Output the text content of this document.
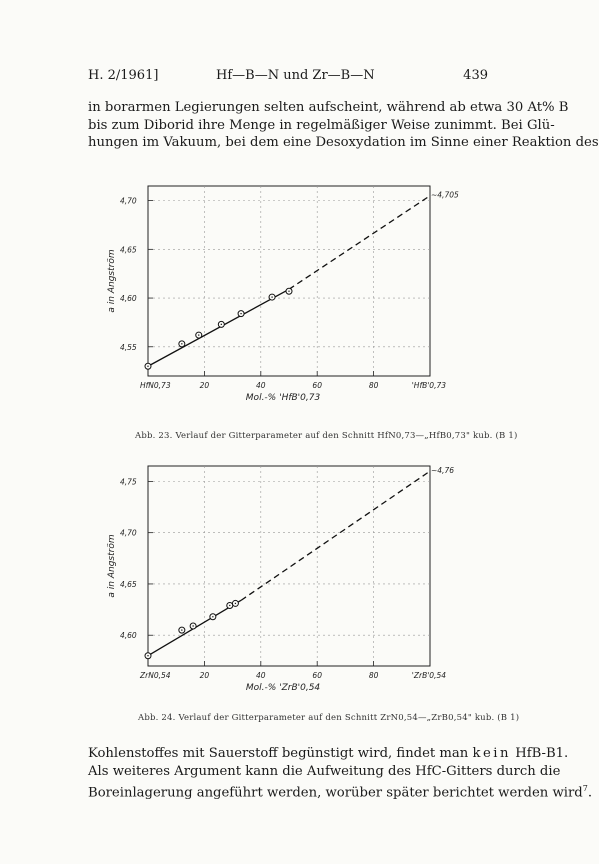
H. 2/1961]	Hf—B—N und Zr—B—N	439
in borarmen Legierungen selten aufscheint, während ab etwa 30 At% B
bis zum Diborid ihre Menge in regelmäßiger Weise zunimmt. Bei Glü-
hungen im Vakuum, bei dem eine Desoxydation im Sinne einer Reaktion des
4,55
4,60
4,65
4,70
HfN0,73	20	40	60	80	'HfB'0,73
Mol.-% 'HfB'0,73
a in Angström
~4,705
Abb. 23. Verlauf der Gitterparameter auf den Schnitt HfN0,73—„HfB0,73" kub. (B 1)
4,60
4,65
4,70
4,75
ZrN0,54	20	40	60	80	'ZrB'0,54
Mol.-% 'ZrB'0,54
a in Angström
~4,76
Abb. 24. Verlauf der Gitterparameter auf den Schnitt ZrN0,54—„ZrB0,54" kub. (B 1)
Kohlenstoffes mit Sauerstoff begünstigt wird, findet man kein HfB-B1.
Als weiteres Argument kann die Aufweitung des HfC-Gitters durch die
Boreinlagerung angeführt werden, worüber später berichtet werden wird$^7$.
